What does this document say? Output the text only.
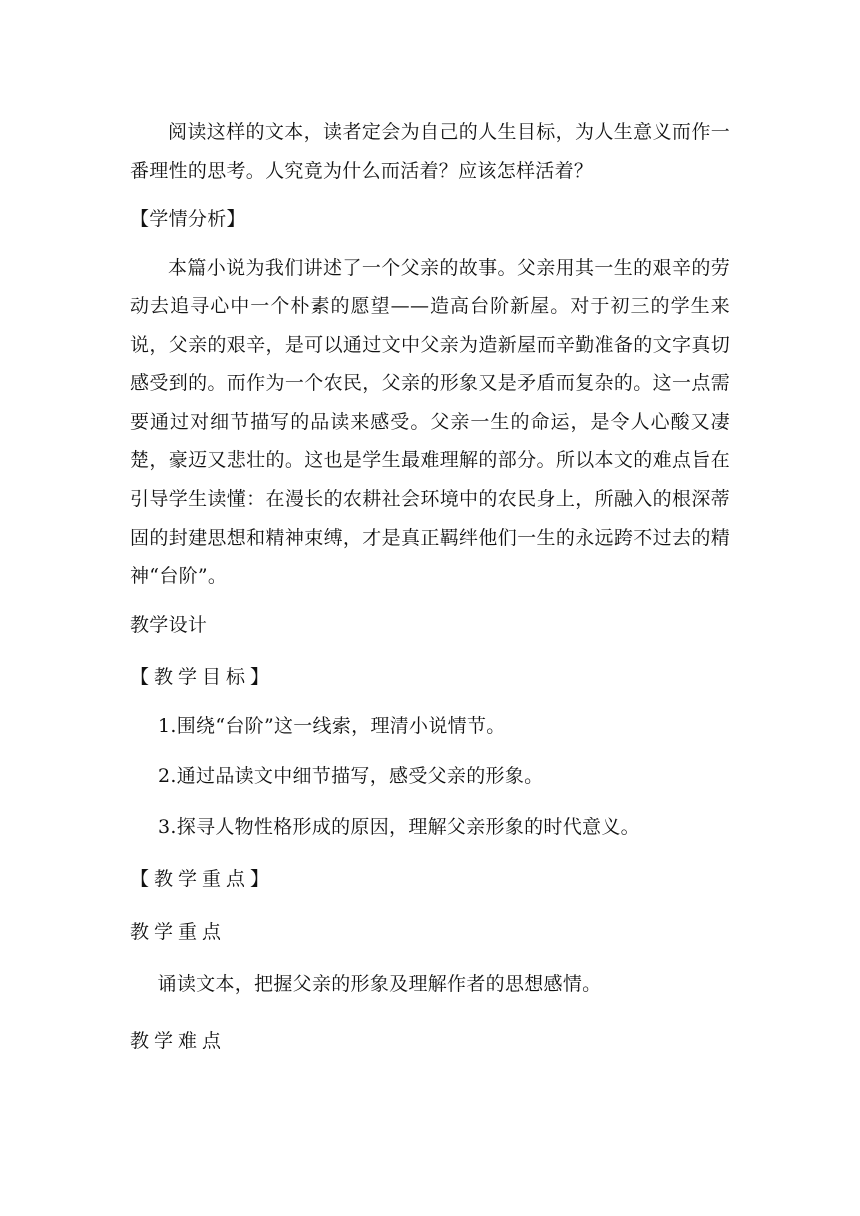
阅读这样的文本，读者定会为自己的人生目标，为人生意义而作一番理性的思考。人究竟为什么而活着？应该怎样活着？

【学情分析】

本篇小说为我们讲述了一个父亲的故事。父亲用其一生的艰辛的劳动去追寻心中一个朴素的愿望——造高台阶新屋。对于初三的学生来说，父亲的艰辛，是可以通过文中父亲为造新屋而辛勤准备的文字真切感受到的。而作为一个农民，父亲的形象又是矛盾而复杂的。这一点需要通过对细节描写的品读来感受。父亲一生的命运，是令人心酸又凄楚，豪迈又悲壮的。这也是学生最难理解的部分。所以本文的难点旨在引导学生读懂：在漫长的农耕社会环境中的农民身上，所融入的根深蒂固的封建思想和精神束缚，才是真正羁绊他们一生的永远跨不过去的精神“台阶”。

教学设计

【教学目标】

1.围绕“台阶”这一线索，理清小说情节。

2.通过品读文中细节描写，感受父亲的形象。

3.探寻人物性格形成的原因，理解父亲形象的时代意义。

【教学重点】

教学重点

诵读文本，把握父亲的形象及理解作者的思想感情。

教学难点
